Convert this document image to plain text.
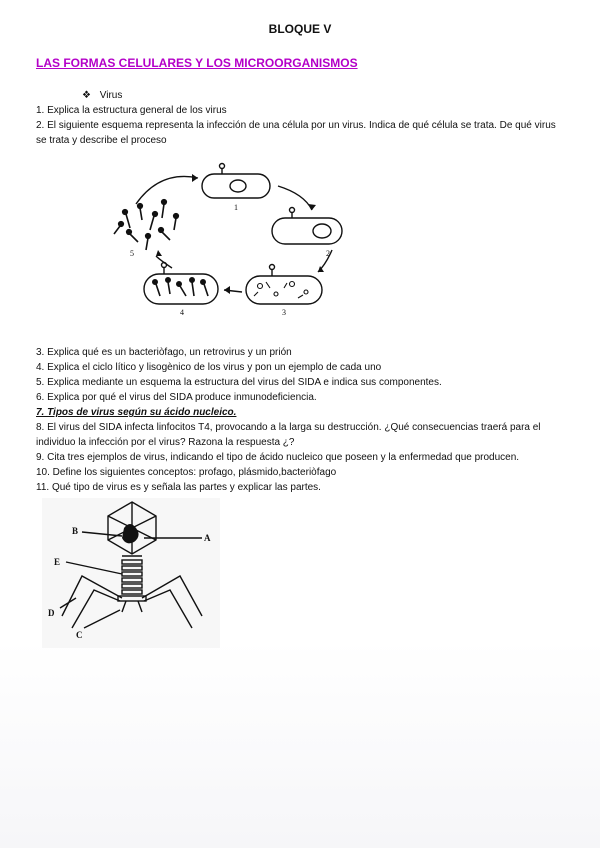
BLOQUE V
LAS FORMAS CELULARES Y LOS MICROORGANISMOS
❖ Virus
1. Explica la estructura general de los virus
2. El siguiente esquema representa la infección de una célula por un virus. Indica de qué célula se trata. De qué virus se trata y describe el proceso
1
2
3
4
5
3. Explica qué es un bacteriòfago, un retrovirus y un prión
4. Explica el ciclo lítico y lisogènico de los virus y pon un ejemplo de cada uno
5. Explica mediante un esquema la estructura del virus del SIDA e indica sus componentes.
6. Explica por qué el virus del SIDA produce inmunodeficiencia.
7. Tipos de virus según su ácido nucleico.
8. El virus del SIDA infecta linfocitos T4, provocando a la larga su destrucción. ¿Qué consecuencias traerá para el individuo la infección por el virus? Razona la respuesta ¿?
9. Cita tres ejemplos de virus, indicando el tipo de ácido nucleico que poseen y la enfermedad que producen.
10. Define los siguientes conceptos: profago, plásmido,bacteriòfago
11. Qué tipo de virus es y señala las partes y explicar las partes.
B
A
E
D
C
